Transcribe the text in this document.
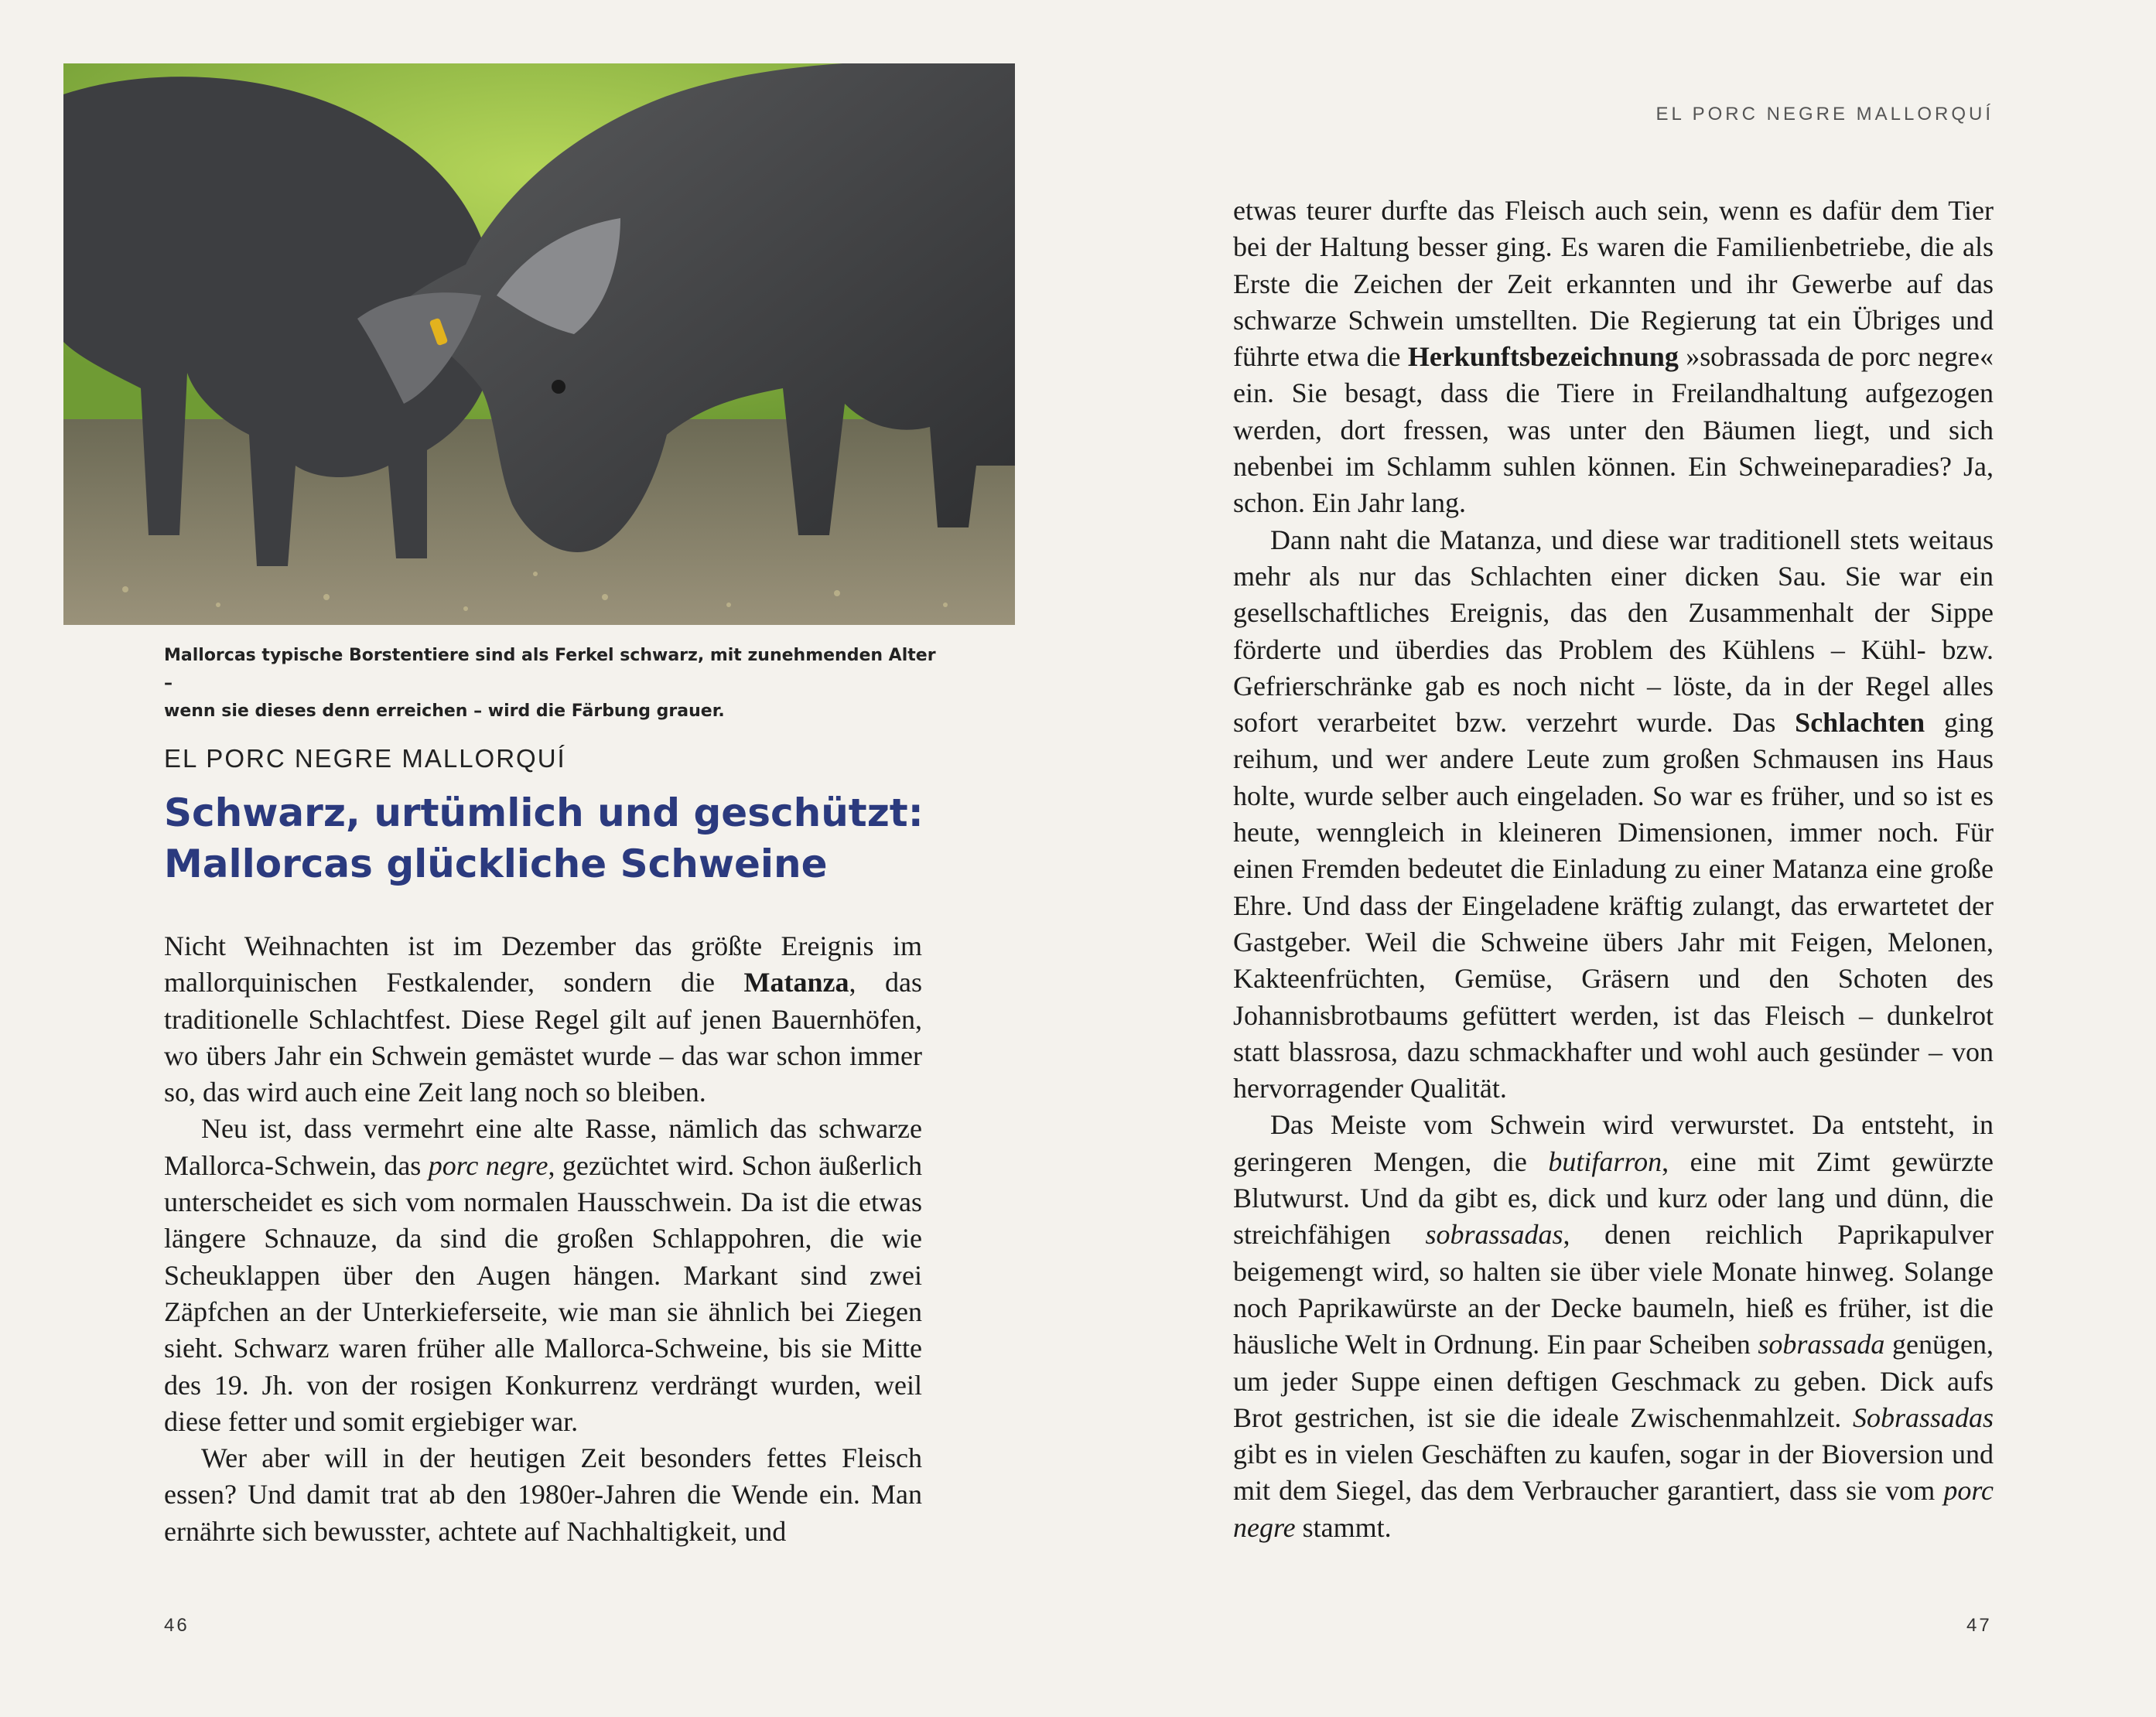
Mallorcas typische Borstentiere sind als Ferkel schwarz, mit zunehmenden Alter –
wenn sie dieses denn erreichen – wird die Färbung grauer.
EL PORC NEGRE MALLORQUÍ
Schwarz, urtümlich und geschützt:
Mallorcas glückliche Schweine

Nicht Weihnachten ist im Dezember das größte Ereignis im mallorquinischen Festkalender, sondern die Matanza, das traditionelle Schlachtfest. Diese Regel gilt auf jenen Bauernhöfen, wo übers Jahr ein Schwein gemästet wurde – das war schon immer so, das wird auch eine Zeit lang noch so bleiben.

Neu ist, dass vermehrt eine alte Rasse, nämlich das schwarze Mallorca-Schwein, das porc negre, gezüchtet wird. Schon äußerlich unterscheidet es sich vom normalen Hausschwein. Da ist die etwas längere Schnauze, da sind die großen Schlappohren, die wie Scheuklappen über den Augen hängen. Markant sind zwei Zäpfchen an der Unterkieferseite, wie man sie ähnlich bei Ziegen sieht. Schwarz waren früher alle Mallorca-Schweine, bis sie Mitte des 19. Jh. von der rosigen Konkurrenz verdrängt wurden, weil diese fetter und somit ergiebiger war.

Wer aber will in der heutigen Zeit besonders fettes Fleisch essen? Und damit trat ab den 1980er-Jahren die Wende ein. Man ernährte sich bewusster, achtete auf Nachhaltigkeit, und

46
EL PORC NEGRE MALLORQUÍ

etwas teurer durfte das Fleisch auch sein, wenn es dafür dem Tier bei der Haltung besser ging. Es waren die Familienbetriebe, die als Erste die Zeichen der Zeit erkannten und ihr Gewerbe auf das schwarze Schwein umstellten. Die Regierung tat ein Übriges und führte etwa die Herkunftsbezeichnung »sobrassada de porc negre« ein. Sie besagt, dass die Tiere in Freilandhaltung aufgezogen werden, dort fressen, was unter den Bäumen liegt, und sich nebenbei im Schlamm suhlen können. Ein Schweineparadies? Ja, schon. Ein Jahr lang.

Dann naht die Matanza, und diese war traditionell stets weitaus mehr als nur das Schlachten einer dicken Sau. Sie war ein gesellschaftliches Ereignis, das den Zusammenhalt der Sippe förderte und überdies das Problem des Kühlens – Kühl- bzw. Gefrierschränke gab es noch nicht – löste, da in der Regel alles sofort verarbeitet bzw. verzehrt wurde. Das Schlachten ging reihum, und wer andere Leute zum großen Schmausen ins Haus holte, wurde selber auch eingeladen. So war es früher, und so ist es heute, wenngleich in kleineren Dimensionen, immer noch. Für einen Fremden bedeutet die Einladung zu einer Matanza eine große Ehre. Und dass der Eingeladene kräftig zulangt, das erwartetet der Gastgeber. Weil die Schweine übers Jahr mit Feigen, Melonen, Kakteenfrüchten, Gemüse, Gräsern und den Schoten des Johannisbrotbaums gefüttert werden, ist das Fleisch – dunkelrot statt blassrosa, dazu schmackhafter und wohl auch gesünder – von hervorragender Qualität.

Das Meiste vom Schwein wird verwurstet. Da entsteht, in geringeren Mengen, die butifarron, eine mit Zimt gewürzte Blutwurst. Und da gibt es, dick und kurz oder lang und dünn, die streichfähigen sobrassadas, denen reichlich Paprikapulver beigemengt wird, so halten sie über viele Monate hinweg. Solange noch Paprikawürste an der Decke baumeln, hieß es früher, ist die häusliche Welt in Ordnung. Ein paar Scheiben sobrassada genügen, um jeder Suppe einen deftigen Geschmack zu geben. Dick aufs Brot gestrichen, ist sie die ideale Zwischenmahlzeit. Sobrassadas gibt es in vielen Geschäften zu kaufen, sogar in der Bioversion und mit dem Siegel, das dem Verbraucher garantiert, dass sie vom porc negre stammt.

47
